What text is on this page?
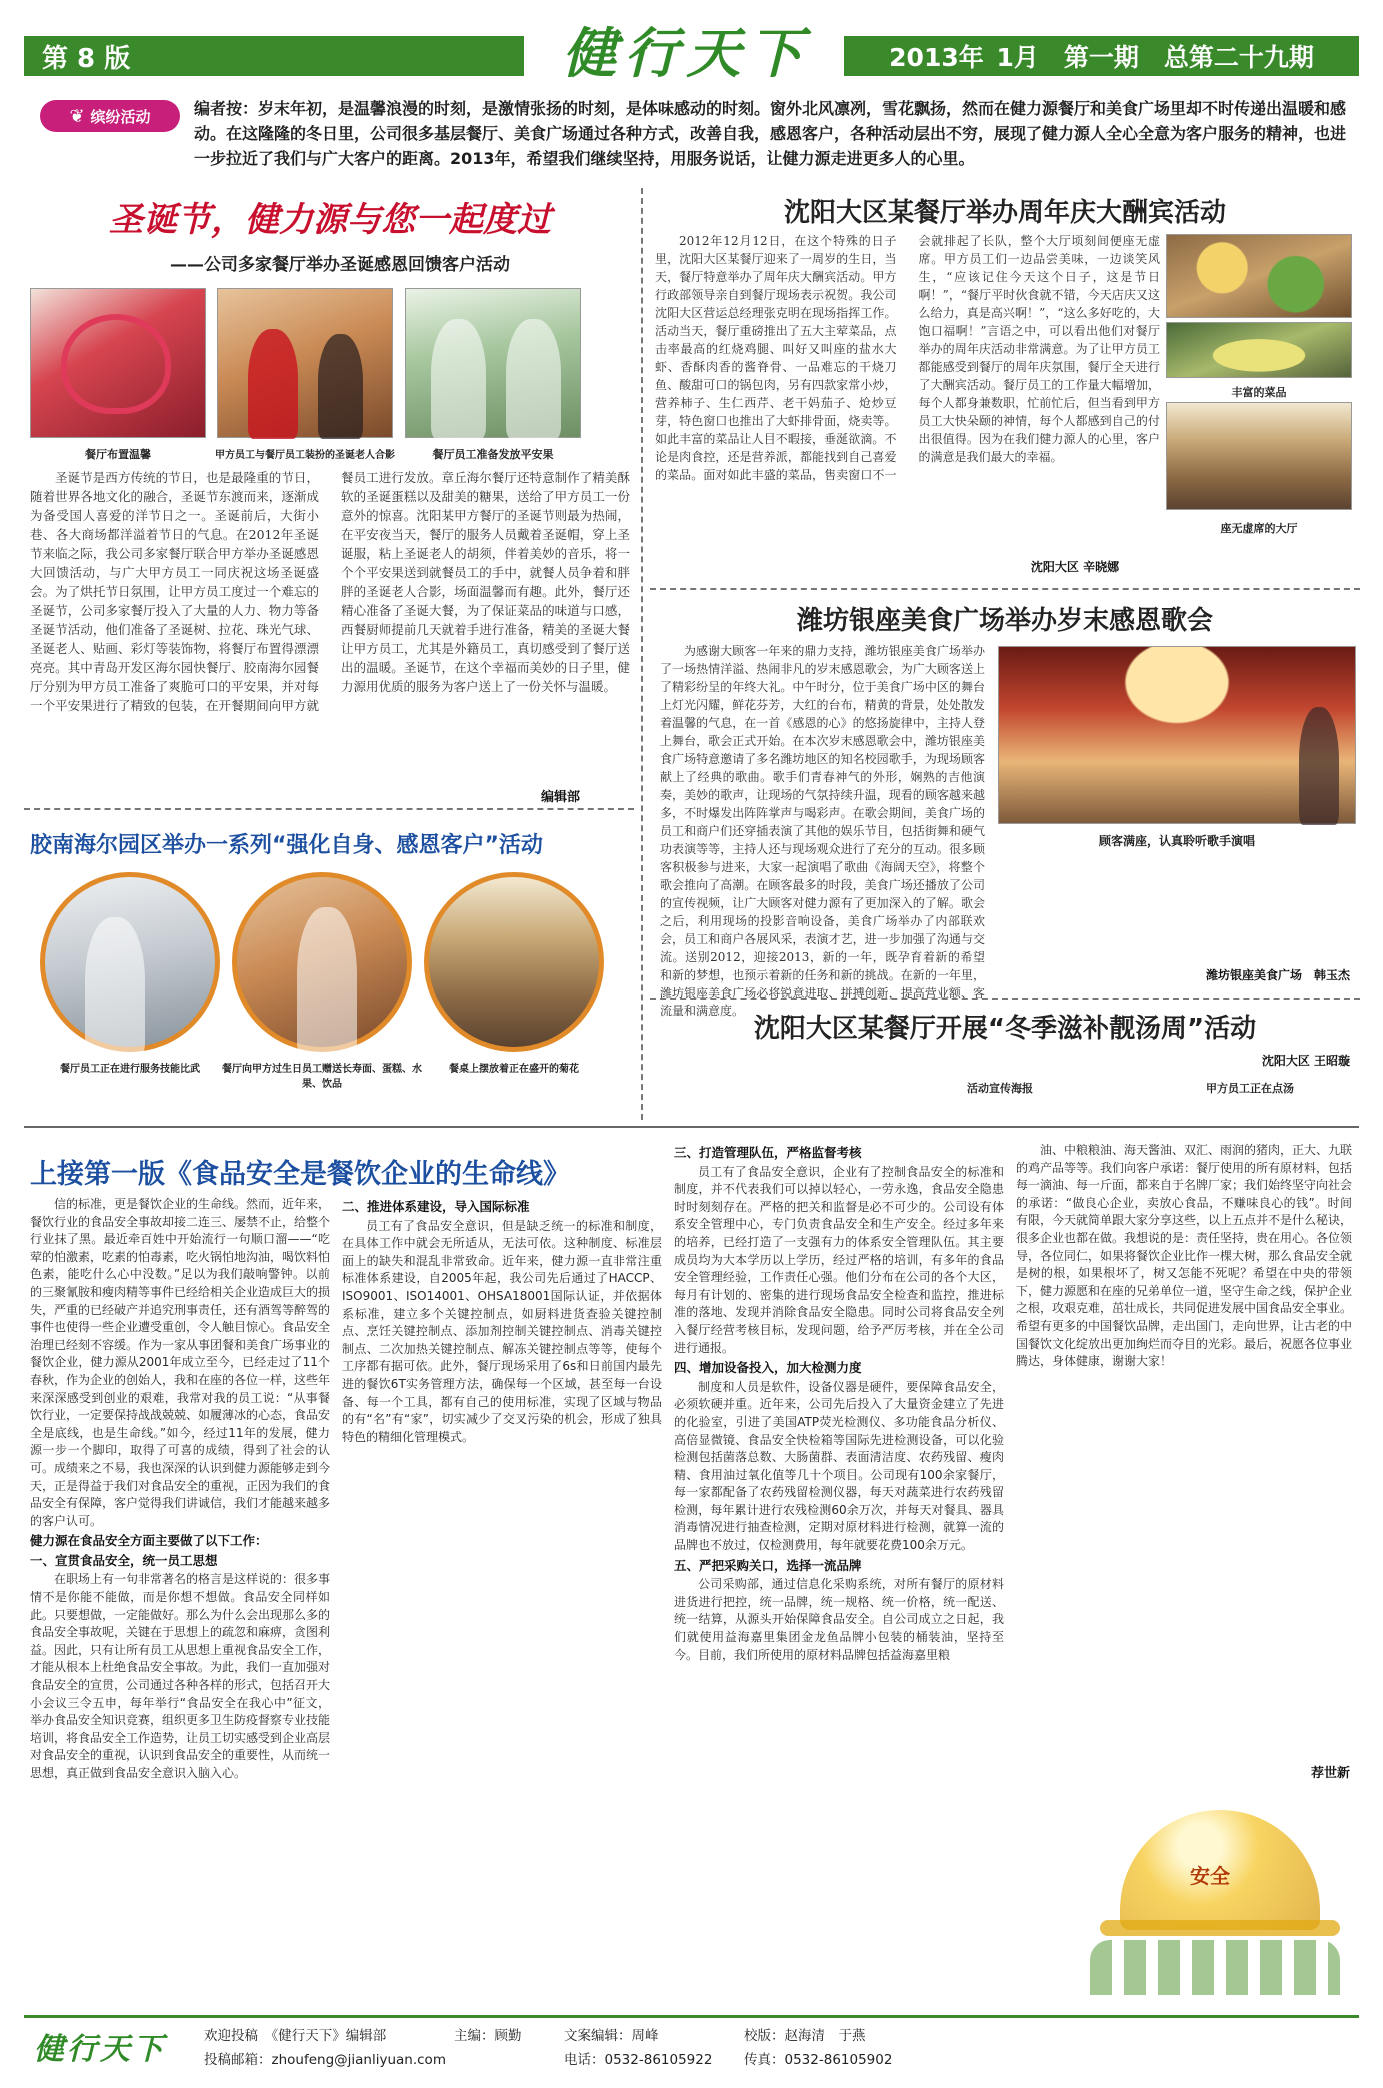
第 8 版	健行天下	2013年 1月　第一期　总第二十九期
❦ 缤纷活动	编者按：岁末年初，是温馨浪漫的时刻，是激情张扬的时刻，是体味感动的时刻。窗外北风凛冽，雪花飘扬，然而在健力源餐厅和美食广场里却不时传递出温暖和感动。在这隆隆的冬日里，公司很多基层餐厅、美食广场通过各种方式，改善自我，感恩客户，各种活动层出不穷，展现了健力源人全心全意为客户服务的精神，也进一步拉近了我们与广大客户的距离。2013年，希望我们继续坚持，用服务说话，让健力源走进更多人的心里。
圣诞节，健力源与您一起度过
——公司多家餐厅举办圣诞感恩回馈客户活动
餐厅布置温馨	甲方员工与餐厅员工装扮的圣诞老人合影	餐厅员工准备发放平安果
圣诞节是西方传统的节日，也是最隆重的节日，随着世界各地文化的融合，圣诞节东渡而来，逐渐成为备受国人喜爱的洋节日之一。圣诞前后，大街小巷、各大商场都洋溢着节日的气息。在2012年圣诞节来临之际，我公司多家餐厅联合甲方举办圣诞感恩大回馈活动，与广大甲方员工一同庆祝这场圣诞盛会。为了烘托节日氛围，让甲方员工度过一个难忘的圣诞节，公司多家餐厅投入了大量的人力、物力等备圣诞节活动，他们准备了圣诞树、拉花、珠光气球、圣诞老人、贴画、彩灯等装饰物，将餐厅布置得漂漂亮亮。其中青岛开发区海尔园快餐厅、胶南海尔园餐厅分别为甲方员工准备了爽脆可口的平安果，并对每一个平安果进行了精致的包装，在开餐期间向甲方就餐员工进行发放。章丘海尔餐厅还特意制作了精美酥软的圣诞蛋糕以及甜美的糖果，送给了甲方员工一份意外的惊喜。沈阳某甲方餐厅的圣诞节则最为热闹，在平安夜当天，餐厅的服务人员戴着圣诞帽，穿上圣诞服，粘上圣诞老人的胡须，伴着美妙的音乐，将一个个平安果送到就餐员工的手中，就餐人员争着和胖胖的圣诞老人合影，场面温馨而有趣。此外，餐厅还精心准备了圣诞大餐，为了保证菜品的味道与口感，西餐厨师提前几天就着手进行准备，精美的圣诞大餐让甲方员工，尤其是外籍员工，真切感受到了餐厅送出的温暖。圣诞节，在这个幸福而美妙的日子里，健力源用优质的服务为客户送上了一份关怀与温暖。
编辑部
胶南海尔园区举办一系列“强化自身、感恩客户”活动
餐厅员工正在进行服务技能比武	餐厅向甲方过生日员工赠送长寿面、蛋糕、水果、饮品
餐桌上摆放着正在盛开的菊花
沈阳大区某餐厅举办周年庆大酬宾活动
2012年12月12日，在这个特殊的日子里，沈阳大区某餐厅迎来了一周岁的生日，当天，餐厅特意举办了周年庆大酬宾活动。甲方行政部领导亲自到餐厅现场表示祝贺。我公司沈阳大区营运总经理张克明在现场指挥工作。活动当天，餐厅重磅推出了五大主荤菜品，点击率最高的红烧鸡腿、叫好又叫座的盐水大虾、香酥肉香的酱脊骨、一品难忘的干烧刀鱼、酸甜可口的锅包肉，另有四款家常小炒，营养柿子、生仁西芹、老干妈茄子、炝炒豆芽，特色窗口也推出了大虾排骨面，烧卖等。如此丰富的菜品让人目不暇接，垂涎欲滴。不论是肉食控，还是营养派，都能找到自己喜爱的菜品。面对如此丰盛的菜品，售卖窗口不一会就排起了长队，整个大厅顷刻间便座无虚席。甲方员工们一边品尝美味，一边谈笑风生，“应该记住今天这个日子，这是节日啊！”，“餐厅平时伙食就不错，今天店庆又这么给力，真是高兴啊！”，“这么多好吃的，大饱口福啊！”言语之中，可以看出他们对餐厅举办的周年庆活动非常满意。为了让甲方员工都能感受到餐厅的周年庆氛围，餐厅全天进行了大酬宾活动。餐厅员工的工作量大幅增加，每个人都身兼数职，忙前忙后，但当看到甲方员工大快朵颐的神情，每个人都感到自己的付出很值得。因为在我们健力源人的心里，客户的满意是我们最大的幸福。
丰富的菜品
沈阳大区 辛晓娜
座无虚席的大厅
潍坊银座美食广场举办岁末感恩歌会
为感谢大顾客一年来的鼎力支持，潍坊银座美食广场举办了一场热情洋溢、热闹非凡的岁末感恩歌会，为广大顾客送上了精彩纷呈的年终大礼。中午时分，位于美食广场中区的舞台上灯光闪耀，鲜花芬芳，大红的台布，精黄的背景，处处散发着温馨的气息，在一首《感恩的心》的悠扬旋律中，主持人登上舞台，歌会正式开始。在本次岁末感恩歌会中，潍坊银座美食广场特意邀请了多名潍坊地区的知名校园歌手，为现场顾客献上了经典的歌曲。歌手们青春神气的外形，娴熟的吉他演奏，美妙的歌声，让现场的气氛持续升温，现看的顾客越来越多，不时爆发出阵阵掌声与喝彩声。在歌会期间，美食广场的员工和商户们还穿插表演了其他的娱乐节目，包括街舞和硬气功表演等等，主持人还与现场观众进行了充分的互动。很多顾客积极参与进来，大家一起演唱了歌曲《海阔天空》，将整个歌会推向了高潮。在顾客最多的时段，美食广场还播放了公司的宣传视频，让广大顾客对健力源有了更加深入的了解。歌会之后，利用现场的投影音响设备，美食广场举办了内部联欢会，员工和商户各展风采，表演才艺，进一步加强了沟通与交流。送别2012，迎接2013，新的一年，既孕育着新的希望和新的梦想，也预示着新的任务和新的挑战。在新的一年里，潍坊银座美食广场必将锐意进取、拼搏创新，提高营业额、客流量和满意度。
顾客满座，认真聆听歌手演唱
潍坊银座美食广场　韩玉杰
沈阳大区某餐厅开展“冬季滋补靓汤周”活动
沈阳大区 王昭璇
活动宣传海报	甲方员工正在点汤
上接第一版《食品安全是餐饮企业的生命线》

信的标准，更是餐饮企业的生命线。然而，近年来，餐饮行业的食品安全事故却接二连三、屡禁不止，给整个行业抹了黑。最近牵百姓中开始流行一句顺口溜——“吃荤的怕激素，吃素的怕毒素，吃火锅怕地沟油，喝饮料怕色素，能吃什么心中没数。”足以为我们敲响警钟。以前的三聚氰胺和瘦肉精等事件已经给相关企业造成巨大的损失，严重的已经破产并追究刑事责任，还有酒驾等醉驾的事件也使得一些企业遭受重创，令人触目惊心。食品安全治理已经刻不容缓。作为一家从事团餐和美食广场事业的餐饮企业，健力源从2001年成立至今，已经走过了11个春秋，作为企业的创始人，我和在座的各位一样，这些年来深深感受到创业的艰难，我常对我的员工说：“从事餐饮行业，一定要保持战战兢兢、如履薄冰的心态，食品安全是底线，也是生命线。”如今，经过11年的发展，健力源一步一个脚印，取得了可喜的成绩，得到了社会的认可。成绩来之不易，我也深深的认识到健力源能够走到今天，正是得益于我们对食品安全的重视，正因为我们的食品安全有保障，客户觉得我们讲诚信，我们才能越来越多的客户认可。

健力源在食品安全方面主要做了以下工作：
一、宣贯食品安全，统一员工思想

在职场上有一句非常著名的格言是这样说的：很多事情不是你能不能做，而是你想不想做。食品安全同样如此。只要想做，一定能做好。那么为什么会出现那么多的食品安全事故呢，关键在于思想上的疏忽和麻痹，贪图利益。因此，只有让所有员工从思想上重视食品安全工作，才能从根本上杜绝食品安全事故。为此，我们一直加强对食品安全的宣贯，公司通过各种各样的形式，包括召开大小会议三令五申，每年举行“食品安全在我心中”征文，举办食品安全知识竞赛，组织更多卫生防疫督察专业技能培训，将食品安全工作造势，让员工切实感受到企业高层对食品安全的重视，认识到食品安全的重要性，从而统一思想，真正做到食品安全意识入脑入心。

二、推进体系建设，导入国际标准

员工有了食品安全意识，但是缺乏统一的标准和制度，在具体工作中就会无所适从，无法可依。这种制度、标准层面上的缺失和混乱非常致命。近年来，健力源一直非常注重标准体系建设，自2005年起，我公司先后通过了HACCP、ISO9001、ISO14001、OHSA18001国际认证，并依据体系标准，建立多个关键控制点，如厨料进货查验关键控制点、烹饪关键控制点、添加剂控制关键控制点、消毒关键控制点、二次加热关键控制点、解冻关键控制点等等，使每个工序都有据可依。此外，餐厅现场采用了6s和日前国内最先进的餐饮6T实务管理方法，确保每一个区域，甚至每一台设备、每一个工具，都有自己的使用标准，实现了区域与物品的有“名”有“家”，切实减少了交叉污染的机会，形成了独具特色的精细化管理模式。

三、打造管理队伍，严格监督考核

员工有了食品安全意识，企业有了控制食品安全的标准和制度，并不代表我们可以掉以轻心，一劳永逸，食品安全隐患时时刻刻存在。严格的把关和监督是必不可少的。公司设有体系安全管理中心，专门负责食品安全和生产安全。经过多年来的培养，已经打造了一支强有力的体系安全管理队伍。其主要成员均为大本学历以上学历，经过严格的培训，有多年的食品安全管理经验，工作责任心强。他们分布在公司的各个大区，每月有计划的、密集的进行现场食品安全检查和监控，推进标准的落地、发现并消除食品安全隐患。同时公司将食品安全列入餐厅经营考核目标，发现问题，给予严厉考核，并在全公司进行通报。

四、增加设备投入，加大检测力度

制度和人员是软件，设备仪器是硬件，要保障食品安全，必须软硬并重。近年来，公司先后投入了大量资金建立了先进的化验室，引进了美国ATP荧光检测仪、多功能食品分析仪、高倍显微镜、食品安全快检箱等国际先进检测设备，可以化验检测包括菌落总数、大肠菌群、表面清洁度、农药残留、瘦肉精、食用油过氧化值等几十个项目。公司现有100余家餐厅，每一家都配备了农药残留检测仪器，每天对蔬菜进行农药残留检测，每年累计进行农残检测60余万次，并每天对餐具、器具消毒情况进行抽查检测，定期对原材料进行检测，就算一流的品牌也不放过，仅检测费用，每年就要花费100余万元。

五、严把采购关口，选择一流品牌

公司采购部，通过信息化采购系统，对所有餐厅的原材料进货进行把控，统一品牌，统一规格、统一价格，统一配送、统一结算，从源头开始保障食品安全。自公司成立之日起，我们就使用益海嘉里集团金龙鱼品牌小包装的桶装油，坚持至今。目前，我们所使用的原材料品牌包括益海嘉里粮

油、中粮粮油、海天酱油、双汇、雨润的猪肉，正大、九联的鸡产品等等。我们向客户承诺：餐厅使用的所有原材料，包括每一滴油、每一斤面，都来自于名牌厂家；我们始终坚守向社会的承诺：“做良心企业，卖放心食品，不赚味良心的钱”。时间有限，今天就简单跟大家分享这些，以上五点并不是什么秘诀，很多企业也都在做。我想说的是：责任坚持，贵在用心。各位领导，各位同仁，如果将餐饮企业比作一棵大树，那么食品安全就是树的根，如果根坏了，树又怎能不死呢？希望在中央的带领下，健力源愿和在座的兄弟单位一道，坚守生命之线，保护企业之根，攻艰克难，茁壮成长，共同促进发展中国食品安全事业。希望有更多的中国餐饮品牌，走出国门，走向世界，让古老的中国餐饮文化绽放出更加绚烂而夺目的光彩。最后，祝愿各位事业腾达，身体健康，谢谢大家！

荐世新
安全
健行天下	欢迎投稿　《健行天下》编辑部
投稿邮箱：zhoufeng@jianliyuan.com
主编：顾勤	文案编辑：周峰
电话：0532-86105922
校版：赵海清　于燕
传真：0532-86105902
